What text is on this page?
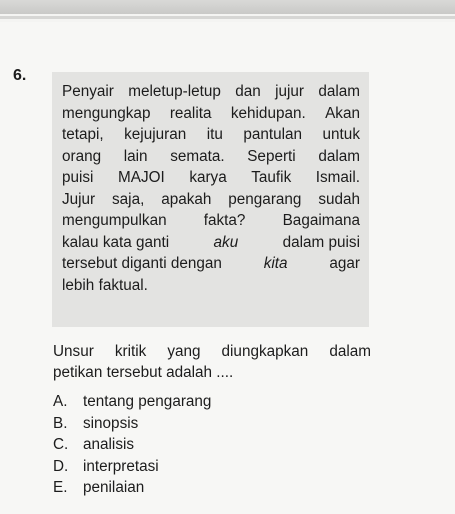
6.
Penyair meletup-letup dan jujur dalam
mengungkap realita kehidupan. Akan
tetapi, kejujuran itu pantulan untuk
orang lain semata. Seperti dalam
puisi MAJOI karya Taufik Ismail.
Jujur saja, apakah pengarang sudah
mengumpulkan fakta? Bagaimana
kalau kata ganti	aku	dalam puisi
tersebut diganti dengan	kita	agar
lebih faktual.
Unsur kritik yang diungkapkan dalam
petikan tersebut adalah ....
A.	tentang pengarang
B.	sinopsis
C. analisis
D. interpretasi
E.	penilaian
